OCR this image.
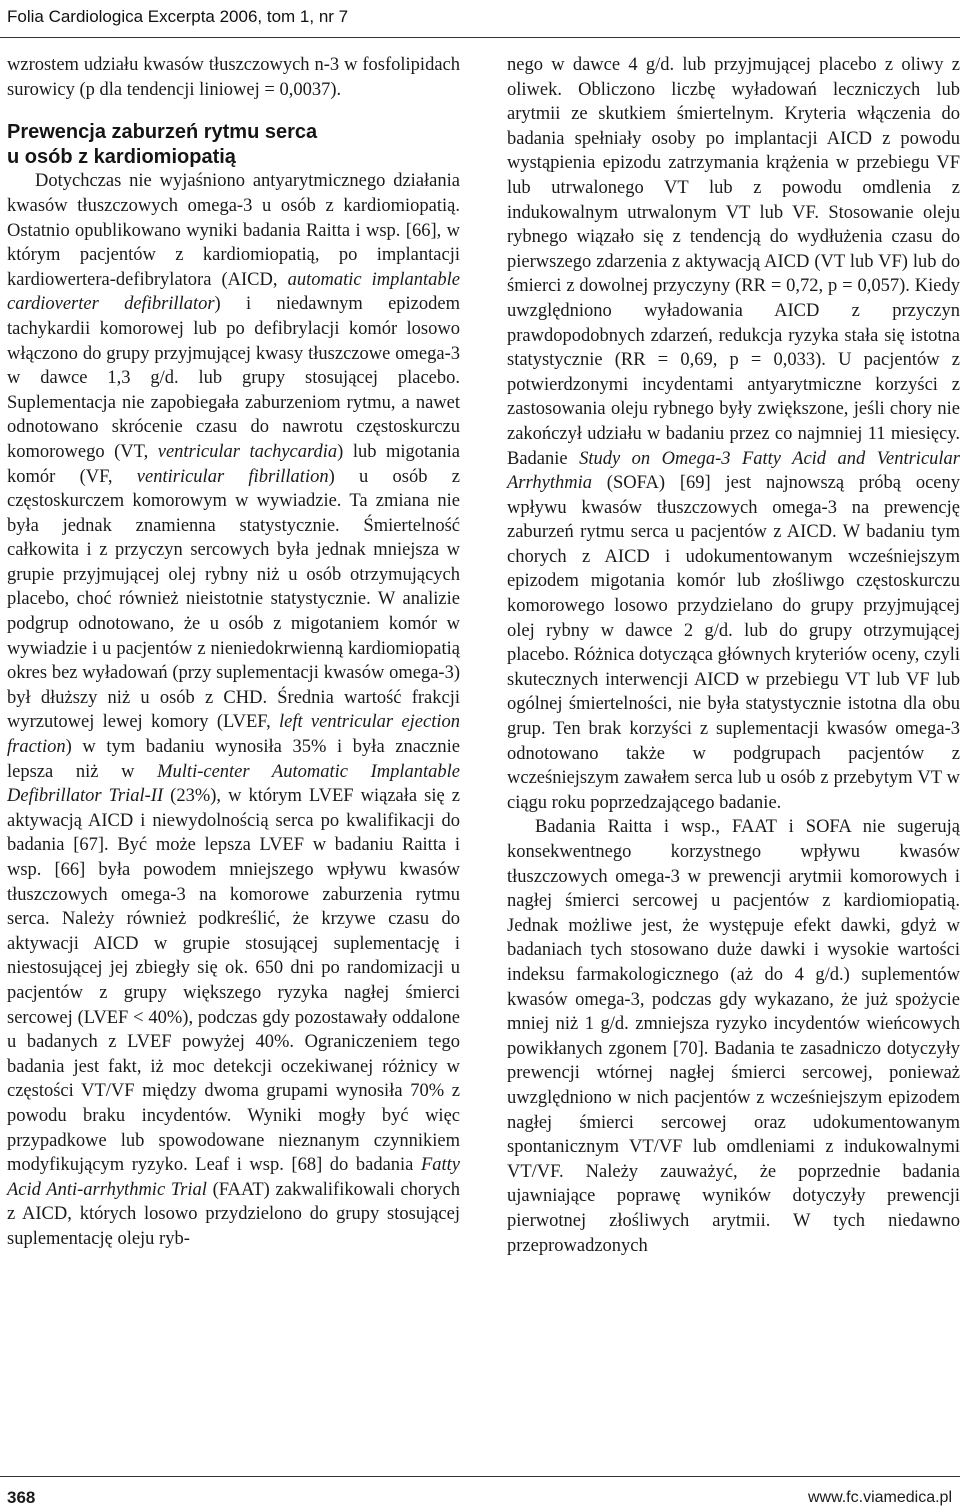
Folia Cardiologica Excerpta 2006, tom 1, nr 7

wzrostem udziału kwasów tłuszczowych n-3 w fosfolipidach surowicy (p dla tendencji liniowej = 0,0037).

Prewencja zaburzeń rytmu serca
u osób z kardiomiopatią

Dotychczas nie wyjaśniono antyarytmicznego działania kwasów tłuszczowych omega-3 u osób z kardiomiopatią. Ostatnio opublikowano wyniki badania Raitta i wsp. [66], w którym pacjentów z kardiomiopatią, po implantacji kardiowertera-defibrylatora (AICD, automatic implantable cardioverter defibrillator) i niedawnym epizodem tachykardii komorowej lub po defibrylacji komór losowo włączono do grupy przyjmującej kwasy tłuszczowe omega-3 w dawce 1,3 g/d. lub grupy stosującej placebo. Suplementacja nie zapobiegała zaburzeniom rytmu, a nawet odnotowano skrócenie czasu do nawrotu częstoskurczu komorowego (VT, ventricular tachycardia) lub migotania komór (VF, ventiricular fibrillation) u osób z częstoskurczem komorowym w wywiadzie. Ta zmiana nie była jednak znamienna statystycznie. Śmiertelność całkowita i z przyczyn sercowych była jednak mniejsza w grupie przyjmującej olej rybny niż u osób otrzymujących placebo, choć również nieistotnie statystycznie. W analizie podgrup odnotowano, że u osób z migotaniem komór w wywiadzie i u pacjentów z nieniedokrwienną kardiomiopatią okres bez wyładowań (przy suplementacji kwasów omega-3) był dłuższy niż u osób z CHD. Średnia wartość frakcji wyrzutowej lewej komory (LVEF, left ventricular ejection fraction) w tym badaniu wynosiła 35% i była znacznie lepsza niż w Multi-center Automatic Implantable Defibrillator Trial-II (23%), w którym LVEF wiązała się z aktywacją AICD i niewydolnością serca po kwalifikacji do badania [67]. Być może lepsza LVEF w badaniu Raitta i wsp. [66] była powodem mniejszego wpływu kwasów tłuszczowych omega-3 na komorowe zaburzenia rytmu serca. Należy również podkreślić, że krzywe czasu do aktywacji AICD w grupie stosującej suplementację i niestosującej jej zbiegły się ok. 650 dni po randomizacji u pacjentów z grupy większego ryzyka nagłej śmierci sercowej (LVEF < 40%), podczas gdy pozostawały oddalone u badanych z LVEF powyżej 40%. Ograniczeniem tego badania jest fakt, iż moc detekcji oczekiwanej różnicy w częstości VT/VF między dwoma grupami wynosiła 70% z powodu braku incydentów. Wyniki mogły być więc przypadkowe lub spowodowane nieznanym czynnikiem modyfikującym ryzyko. Leaf i wsp. [68] do badania Fatty Acid Anti-arrhythmic Trial (FAAT) zakwalifikowali chorych z AICD, których losowo przydzielono do grupy stosującej suplementację oleju ryb-

nego w dawce 4 g/d. lub przyjmującej placebo z oliwy z oliwek. Obliczono liczbę wyładowań leczniczych lub arytmii ze skutkiem śmiertelnym. Kryteria włączenia do badania spełniały osoby po implantacji AICD z powodu wystąpienia epizodu zatrzymania krążenia w przebiegu VF lub utrwalonego VT lub z powodu omdlenia z indukowalnym utrwalonym VT lub VF. Stosowanie oleju rybnego wiązało się z tendencją do wydłużenia czasu do pierwszego zdarzenia z aktywacją AICD (VT lub VF) lub do śmierci z dowolnej przyczyny (RR = 0,72, p = 0,057). Kiedy uwzględniono wyładowania AICD z przyczyn prawdopodobnych zdarzeń, redukcja ryzyka stała się istotna statystycznie (RR = 0,69, p = 0,033). U pacjentów z potwierdzonymi incydentami antyarytmiczne korzyści z zastosowania oleju rybnego były zwiększone, jeśli chory nie zakończył udziału w badaniu przez co najmniej 11 miesięcy. Badanie Study on Omega-3 Fatty Acid and Ventricular Arrhythmia (SOFA) [69] jest najnowszą próbą oceny wpływu kwasów tłuszczowych omega-3 na prewencję zaburzeń rytmu serca u pacjentów z AICD. W badaniu tym chorych z AICD i udokumentowanym wcześniejszym epizodem migotania komór lub złośliwgo częstoskurczu komorowego losowo przydzielano do grupy przyjmującej olej rybny w dawce 2 g/d. lub do grupy otrzymującej placebo. Różnica dotycząca głównych kryteriów oceny, czyli skutecznych interwencji AICD w przebiegu VT lub VF lub ogólnej śmiertelności, nie była statystycznie istotna dla obu grup. Ten brak korzyści z suplementacji kwasów omega-3 odnotowano także w podgrupach pacjentów z wcześniejszym zawałem serca lub u osób z przebytym VT w ciągu roku poprzedzającego badanie.

Badania Raitta i wsp., FAAT i SOFA nie sugerują konsekwentnego korzystnego wpływu kwasów tłuszczowych omega-3 w prewencji arytmii komorowych i nagłej śmierci sercowej u pacjentów z kardiomiopatią. Jednak możliwe jest, że występuje efekt dawki, gdyż w badaniach tych stosowano duże dawki i wysokie wartości indeksu farmakologicznego (aż do 4 g/d.) suplementów kwasów omega-3, podczas gdy wykazano, że już spożycie mniej niż 1 g/d. zmniejsza ryzyko incydentów wieńcowych powikłanych zgonem [70]. Badania te zasadniczo dotyczyły prewencji wtórnej nagłej śmierci sercowej, ponieważ uwzględniono w nich pacjentów z wcześniejszym epizodem nagłej śmierci sercowej oraz udokumentowanym spontanicznym VT/VF lub omdleniami z indukowalnymi VT/VF. Należy zauważyć, że poprzednie badania ujawniające poprawę wyników dotyczyły prewencji pierwotnej złośliwych arytmii. W tych niedawno przeprowadzonych

368	www.fc.viamedica.pl
